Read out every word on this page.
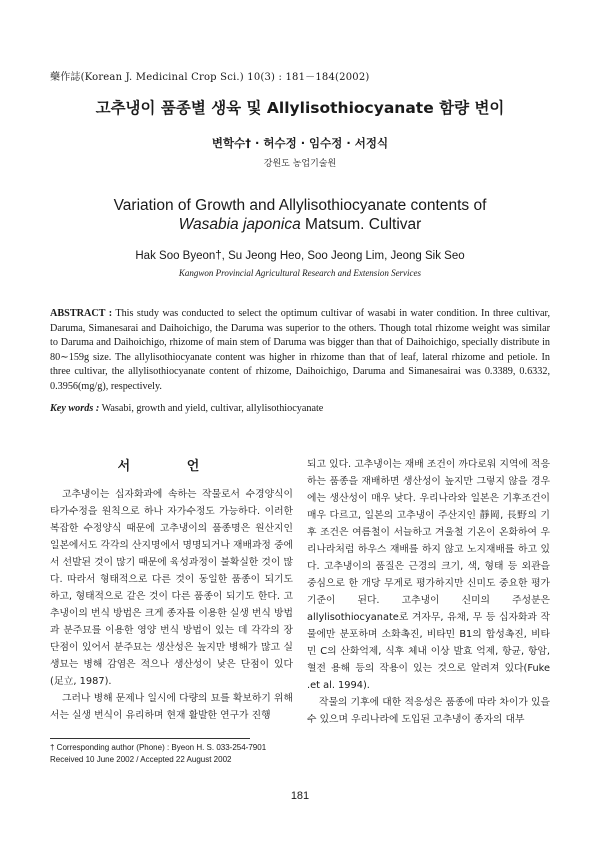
藥作誌(Korean J. Medicinal Crop Sci.) 10(3) : 181－184(2002)
고추냉이 품종별 생육 및 Allylisothiocyanate 함량 변이
변학수† · 허수정 · 임수정 · 서정식
강원도 농업기술원
Variation of Growth and Allylisothiocyanate contents of
Wasabia japonica Matsum. Cultivar
Hak Soo Byeon†, Su Jeong Heo, Soo Jeong Lim, Jeong Sik Seo
Kangwon Provincial Agricultural Research and Extension Services
ABSTRACT : This study was conducted to select the optimum cultivar of wasabi in water condition. In three cultivar, Daruma, Simanesarai and Daihoichigo, the Daruma was superior to the others. Though total rhizome weight was similar to Daruma and Daihoichigo, rhizome of main stem of Daruma was bigger than that of Daihoichigo, specially distribute in 80∼159g size. The allylisothiocyanate content was higher in rhizome than that of leaf, lateral rhizome and petiole. In three cultivar, the allylisothiocyanate content of rhizome, Daihoichigo, Daruma and Simanesairai was 0.3389, 0.6332, 0.3956(mg/g), respectively.
Key words : Wasabi, growth and yield, cultivar, allylisothiocyanate
서 언

고추냉이는 십자화과에 속하는 작물로서 수경양식이 타가수정을 원칙으로 하나 자가수정도 가능하다. 이러한 복잡한 수정양식 때문에 고추냉이의 품종명은 원산지인 일본에서도 각각의 산지명에서 명명되거나 재배과정 중에서 선발된 것이 많기 때문에 육성과정이 불확실한 것이 많다. 따라서 형태적으로 다른 것이 동일한 품종이 되기도 하고, 형태적으로 같은 것이 다른 품종이 되기도 한다. 고추냉이의 번식 방법은 크게 종자를 이용한 실생 번식 방법과 분주묘를 이용한 영양 번식 방법이 있는 데 각각의 장단점이 있어서 분주묘는 생산성은 높지만 병해가 많고 실생묘는 병해 감염은 적으나 생산성이 낮은 단점이 있다(足立, 1987).

그러나 병해 문제나 일시에 다량의 묘를 확보하기 위해서는 실생 번식이 유리하며 현재 활발한 연구가 진행

되고 있다. 고추냉이는 재배 조건이 까다로워 지역에 적응하는 품종을 재배하면 생산성이 높지만 그렇지 않을 경우에는 생산성이 매우 낮다. 우리나라와 일본은 기후조건이 매우 다르고, 일본의 고추냉이 주산지인 靜岡, 長野의 기후 조건은 여름철이 서늘하고 겨울철 기온이 온화하여 우리나라처럼 하우스 재배를 하지 않고 노지재배를 하고 있다. 고추냉이의 품질은 근경의 크기, 색, 형태 등 외관을 중심으로 한 개당 무게로 평가하지만 신미도 중요한 평가 기준이 된다. 고추냉이 신미의 주성분은 allylisothiocyanate로 겨자무, 유채, 무 등 십자화과 작물에만 분포하며 소화촉진, 비타민 B1의 합성촉진, 비타민 C의 산화억제, 식후 체내 이상 발효 억제, 항균, 항암, 혈전 용해 등의 작용이 있는 것으로 알려져 있다(Fuke .et al. 1994).

작물의 기후에 대한 적응성은 품종에 따라 차이가 있을 수 있으며 우리나라에 도입된 고추냉이 종자의 대부

† Corresponding author (Phone) : Byeon H. S. 033-254-7901
Received 10 June 2002 / Accepted 22 August 2002
181
